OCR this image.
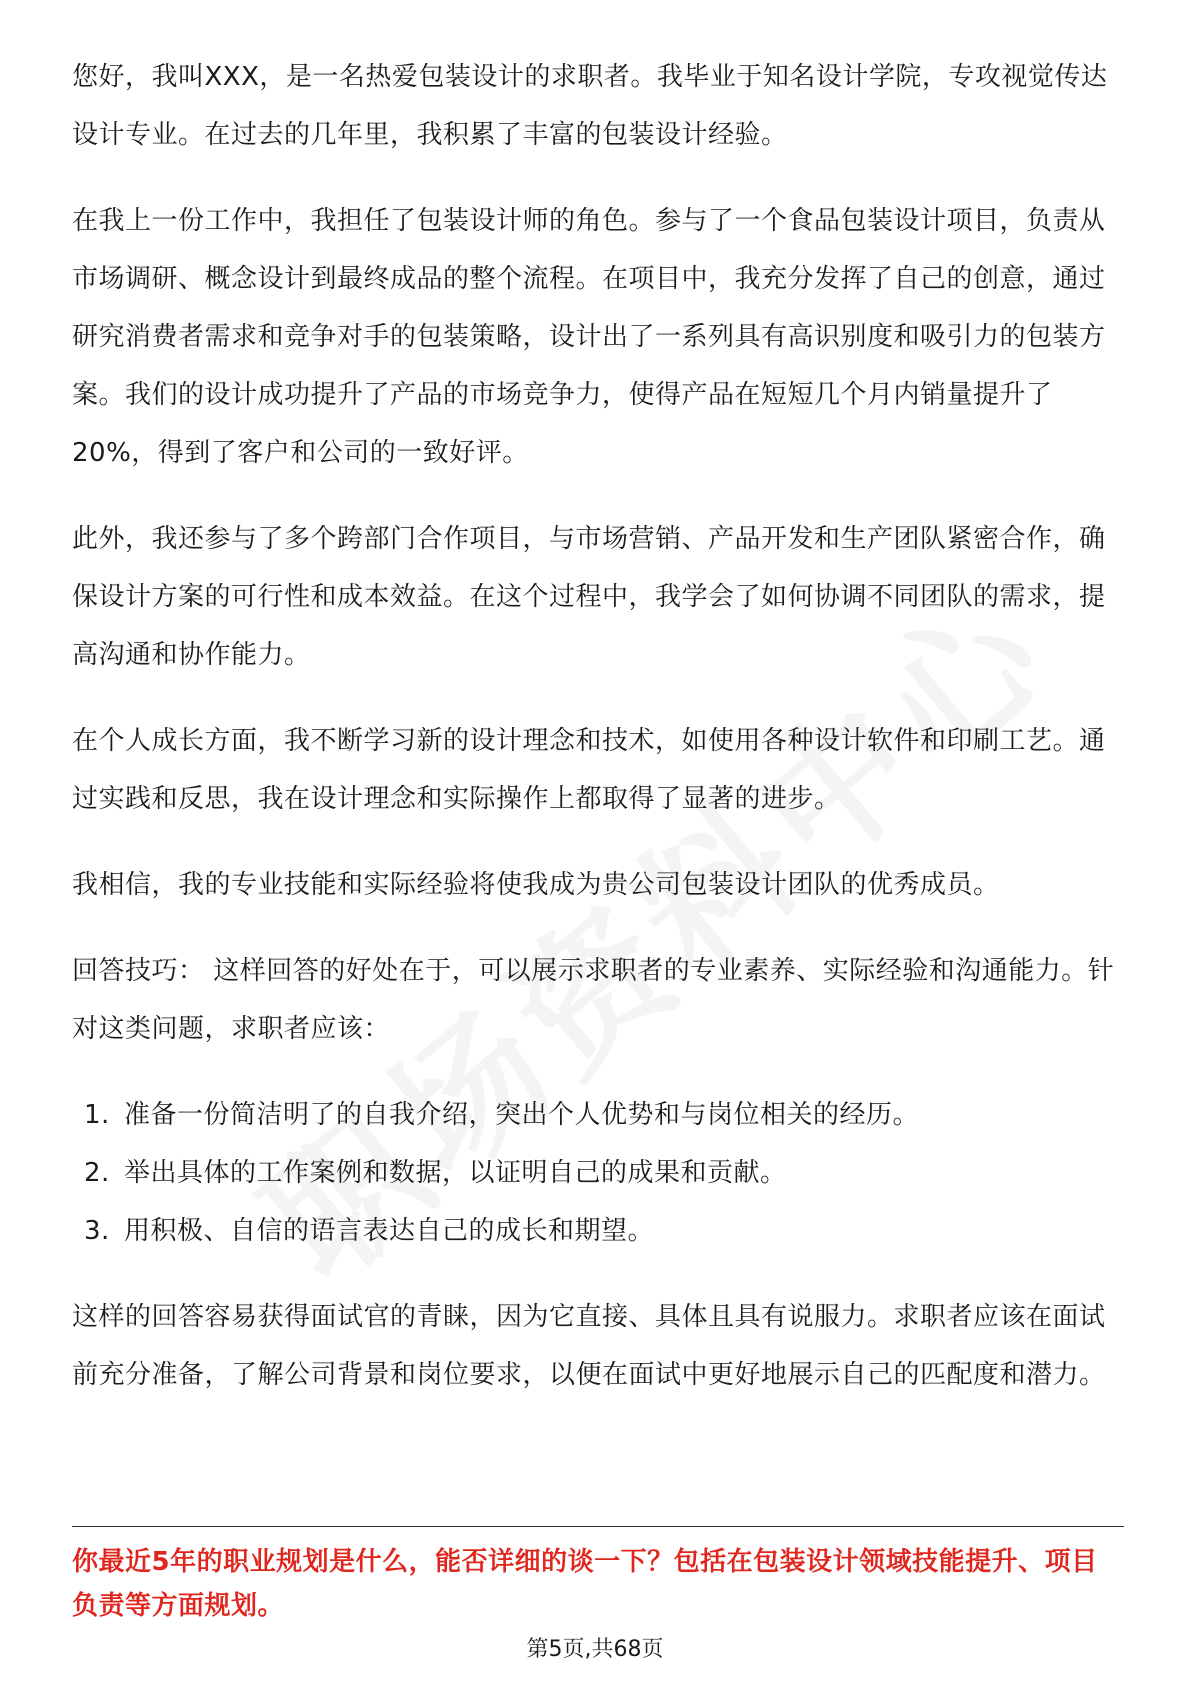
您好，我叫XXX，是一名热爱包装设计的求职者。我毕业于知名设计学院，专攻视觉传达设计专业。在过去的几年里，我积累了丰富的包装设计经验。

在我上一份工作中，我担任了包装设计师的角色。参与了一个食品包装设计项目，负责从市场调研、概念设计到最终成品的整个流程。在项目中，我充分发挥了自己的创意，通过研究消费者需求和竞争对手的包装策略，设计出了一系列具有高识别度和吸引力的包装方案。我们的设计成功提升了产品的市场竞争力，使得产品在短短几个月内销量提升了20%，得到了客户和公司的一致好评。

此外，我还参与了多个跨部门合作项目，与市场营销、产品开发和生产团队紧密合作，确保设计方案的可行性和成本效益。在这个过程中，我学会了如何协调不同团队的需求，提高沟通和协作能力。

在个人成长方面，我不断学习新的设计理念和技术，如使用各种设计软件和印刷工艺。通过实践和反思，我在设计理念和实际操作上都取得了显著的进步。

我相信，我的专业技能和实际经验将使我成为贵公司包装设计团队的优秀成员。

回答技巧： 这样回答的好处在于，可以展示求职者的专业素养、实际经验和沟通能力。针对这类问题，求职者应该：

1. 准备一份简洁明了的自我介绍，突出个人优势和与岗位相关的经历。
2. 举出具体的工作案例和数据，以证明自己的成果和贡献。
3. 用积极、自信的语言表达自己的成长和期望。

这样的回答容易获得面试官的青睐，因为它直接、具体且具有说服力。求职者应该在面试前充分准备，了解公司背景和岗位要求，以便在面试中更好地展示自己的匹配度和潜力。

你最近5年的职业规划是什么，能否详细的谈一下？包括在包装设计领域技能提升、项目负责等方面规划。

第5页,共68页
